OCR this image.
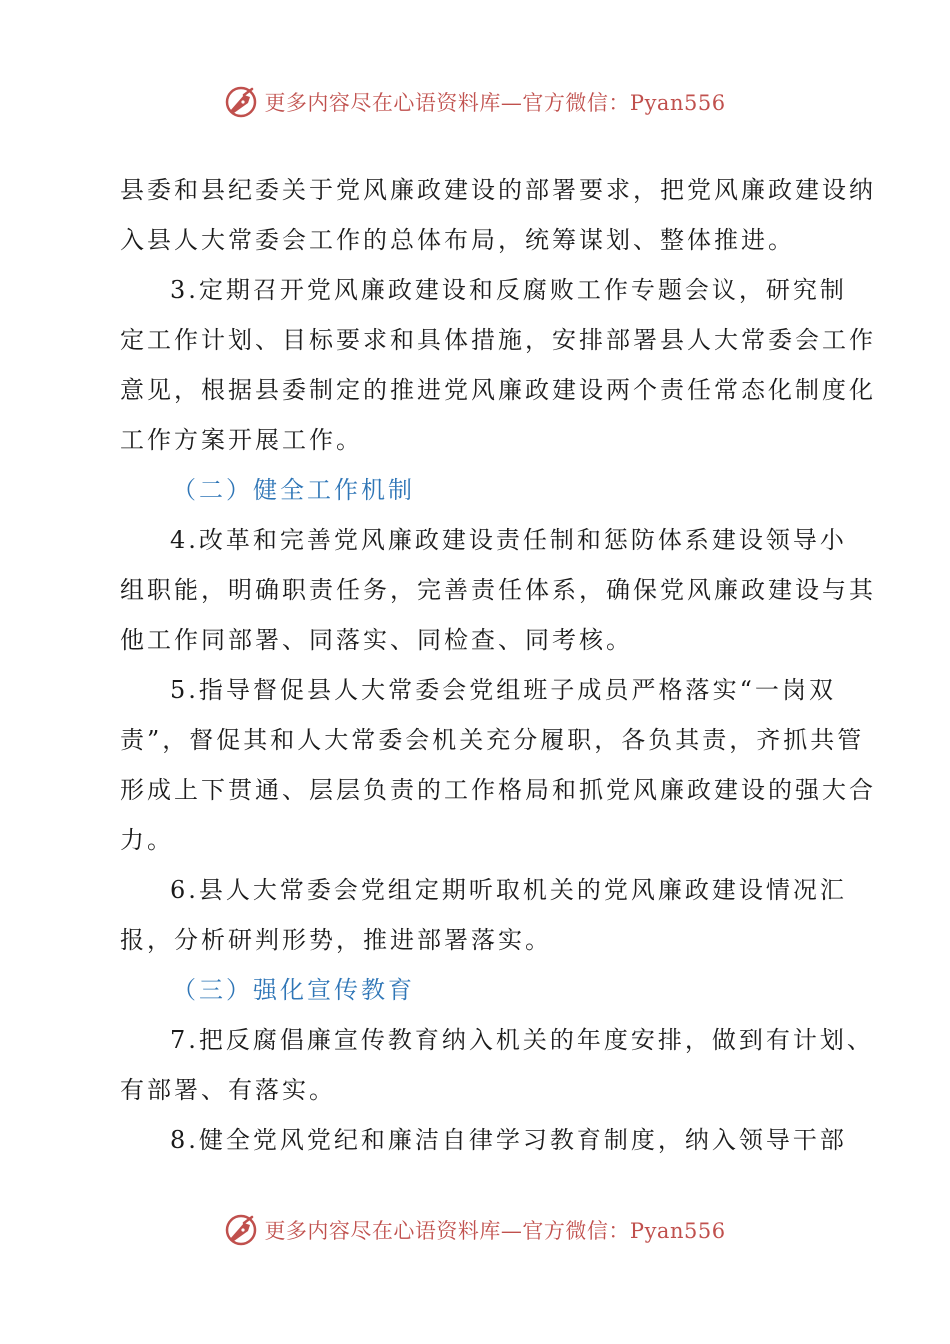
更多内容尽在心语资料库—官方微信：Pyan556
县委和县纪委关于党风廉政建设的部署要求，把党风廉政建设纳
入县人大常委会工作的总体布局，统筹谋划、整体推进。
3.定期召开党风廉政建设和反腐败工作专题会议，研究制
定工作计划、目标要求和具体措施，安排部署县人大常委会工作
意见，根据县委制定的推进党风廉政建设两个责任常态化制度化
工作方案开展工作。
（二）健全工作机制
4.改革和完善党风廉政建设责任制和惩防体系建设领导小
组职能，明确职责任务，完善责任体系，确保党风廉政建设与其
他工作同部署、同落实、同检查、同考核。
5.指导督促县人大常委会党组班子成员严格落实“一岗双
责”，督促其和人大常委会机关充分履职，各负其责，齐抓共管
形成上下贯通、层层负责的工作格局和抓党风廉政建设的强大合
力。
6.县人大常委会党组定期听取机关的党风廉政建设情况汇
报，分析研判形势，推进部署落实。
（三）强化宣传教育
7.把反腐倡廉宣传教育纳入机关的年度安排，做到有计划、
有部署、有落实。
8.健全党风党纪和廉洁自律学习教育制度，纳入领导干部
更多内容尽在心语资料库—官方微信：Pyan556
